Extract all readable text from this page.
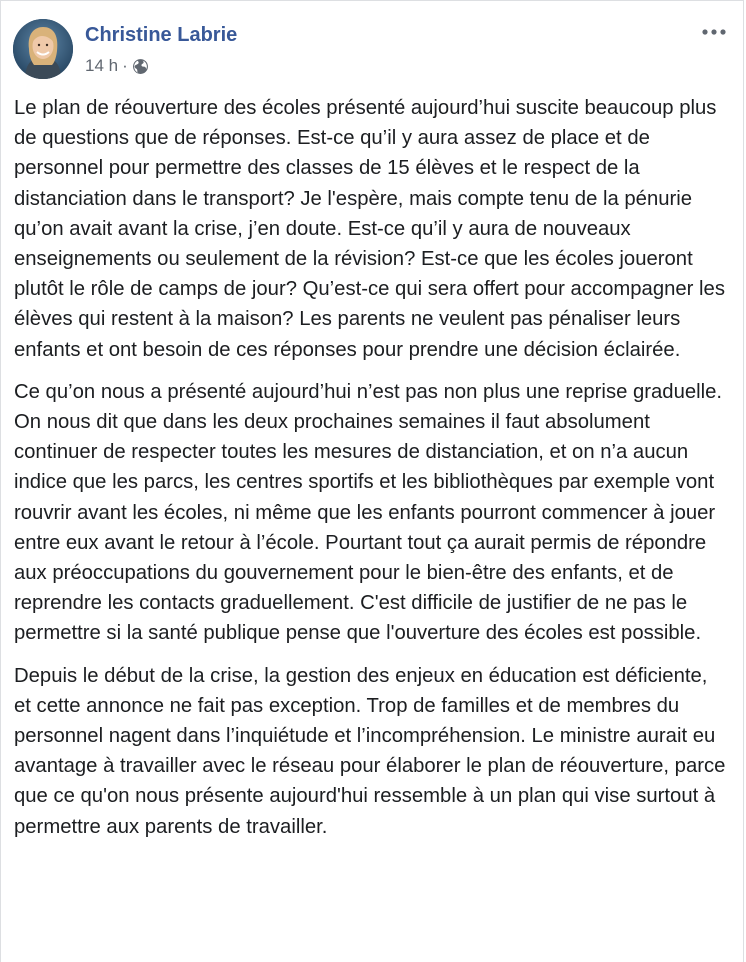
Christine Labrie
14 h ·

Le plan de réouverture des écoles présenté aujourd’hui suscite beaucoup plus de questions que de réponses. Est-ce qu’il y aura assez de place et de personnel pour permettre des classes de 15 élèves et le respect de la distanciation dans le transport? Je l'espère, mais compte tenu de la pénurie qu’on avait avant la crise, j’en doute. Est-ce qu’il y aura de nouveaux enseignements ou seulement de la révision? Est-ce que les écoles joueront plutôt le rôle de camps de jour? Qu’est-ce qui sera offert pour accompagner les élèves qui restent à la maison? Les parents ne veulent pas pénaliser leurs enfants et ont besoin de ces réponses pour prendre une décision éclairée.

Ce qu’on nous a présenté aujourd’hui n’est pas non plus une reprise graduelle. On nous dit que dans les deux prochaines semaines il faut absolument continuer de respecter toutes les mesures de distanciation, et on n’a aucun indice que les parcs, les centres sportifs et les bibliothèques par exemple vont rouvrir avant les écoles, ni même que les enfants pourront commencer à jouer entre eux avant le retour à l’école. Pourtant tout ça aurait permis de répondre aux préoccupations du gouvernement pour le bien-être des enfants, et de reprendre les contacts graduellement. C'est difficile de justifier de ne pas le permettre si la santé publique pense que l'ouverture des écoles est possible.

Depuis le début de la crise, la gestion des enjeux en éducation est déficiente, et cette annonce ne fait pas exception. Trop de familles et de membres du personnel nagent dans l’inquiétude et l’incompréhension. Le ministre aurait eu avantage à travailler avec le réseau pour élaborer le plan de réouverture, parce que ce qu'on nous présente aujourd'hui ressemble à un plan qui vise surtout à permettre aux parents de travailler.
